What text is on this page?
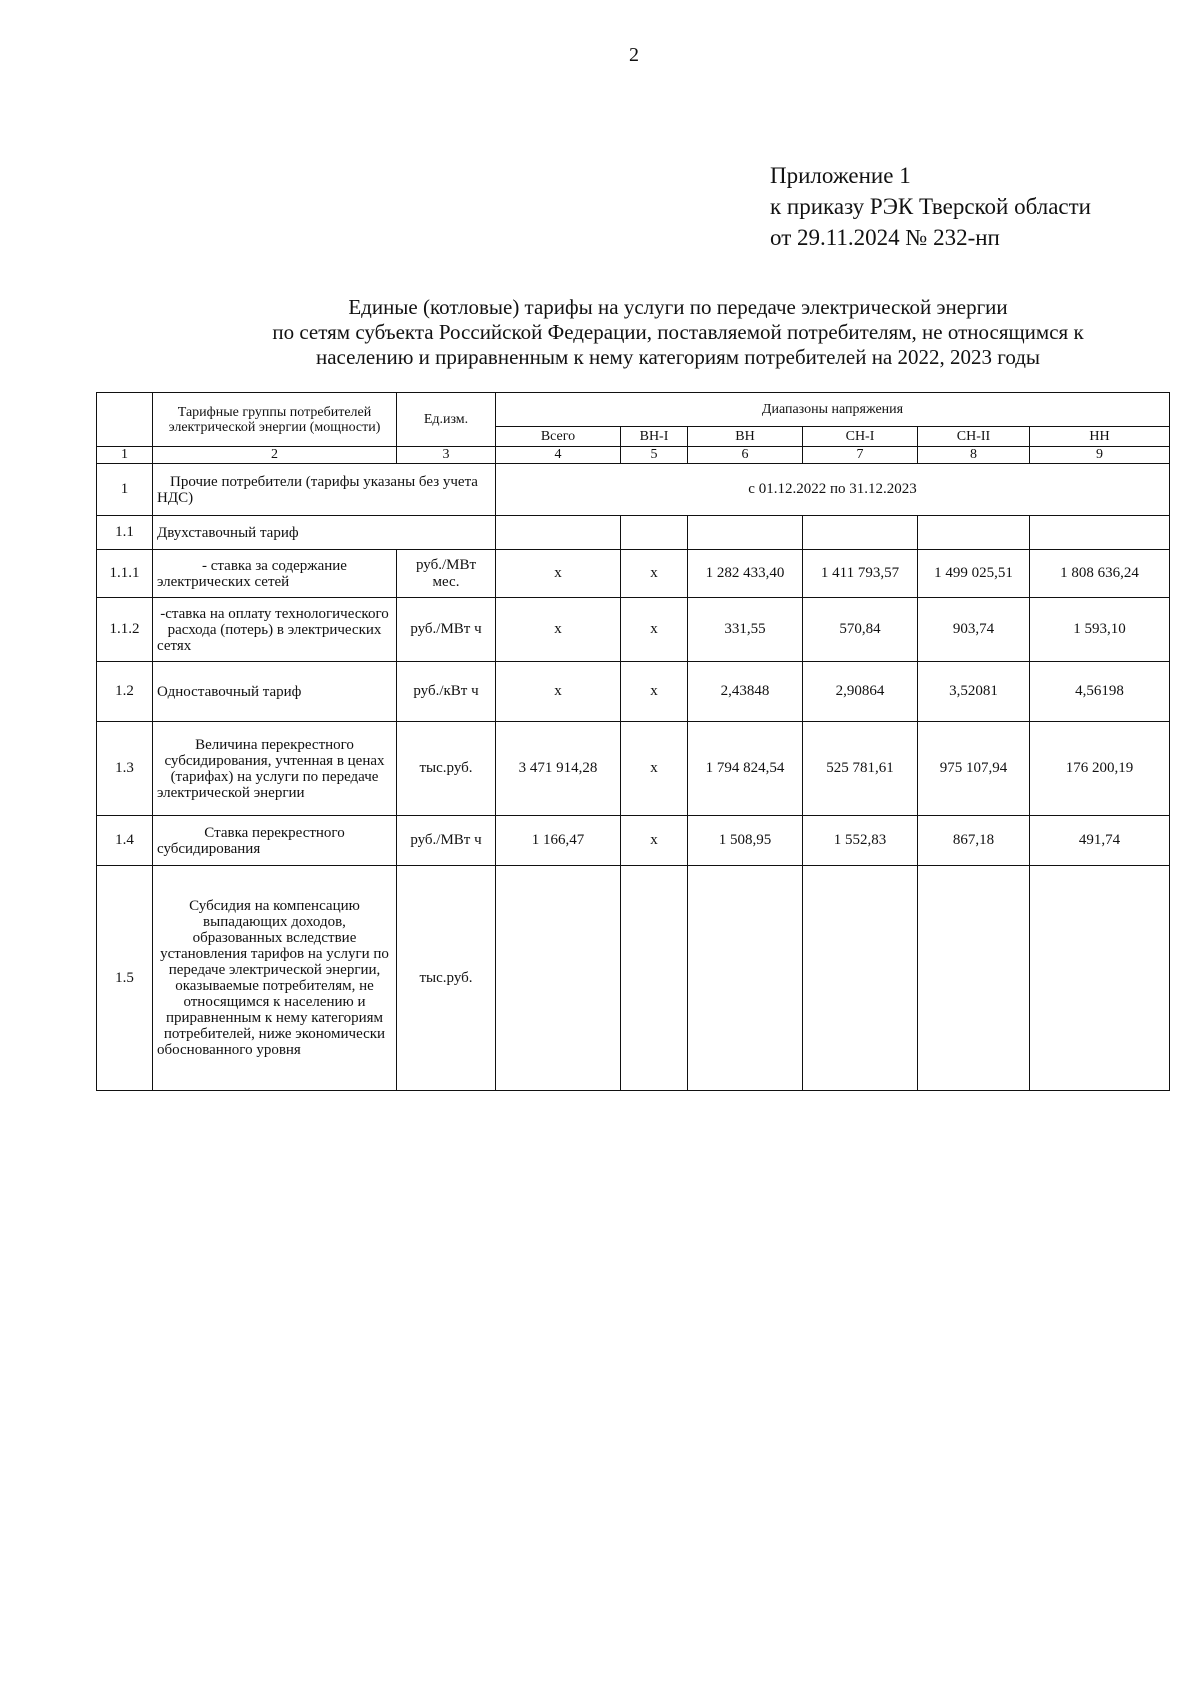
2
Приложение 1
к приказу РЭК Тверской области
от 29.11.2024 № 232-нп
Единые (котловые) тарифы на услуги по передаче электрической энергии
по сетям субъекта Российской Федерации, поставляемой потребителям, не относящимся к
населению и приравненным к нему категориям потребителей на 2022, 2023 годы
	Тарифные группы потребителей электрической энергии (мощности)	Ед.изм.	Диапазоны напряжения					
			Всего	ВН-I	ВН	СН-I	СН-II	НН
1	2	3	4	5	6	7	8	9
1	Прочие потребители (тарифы указаны без учета НДС)		с 01.12.2022 по 31.12.2023					
1.1	Двухставочный тариф							
1.1.1	- ставка за содержание электрических сетей	руб./МВт мес.	х	х	1 282 433,40	1 411 793,57	1 499 025,51	1 808 636,24
1.1.2	-ставка на оплату технологического расхода (потерь) в электрических сетях	руб./МВт ч	х	х	331,55	570,84	903,74	1 593,10
1.2	Одноставочный тариф	руб./кВт ч	х	х	2,43848	2,90864	3,52081	4,56198
1.3	Величина перекрестного субсидирования, учтенная в ценах (тарифах) на услуги по передаче электрической энергии	тыс.руб.	3 471 914,28	х	1 794 824,54	525 781,61	975 107,94	176 200,19
1.4	Ставка перекрестного субсидирования	руб./МВт ч	1 166,47	х	1 508,95	1 552,83	867,18	491,74
1.5	Субсидия на компенсацию выпадающих доходов, образованных вследствие установления тарифов на услуги по передаче электрической энергии, оказываемые потребителям, не относящимся к населению и приравненным к нему категориям потребителей, ниже экономически обоснованного уровня	тыс.руб.						
